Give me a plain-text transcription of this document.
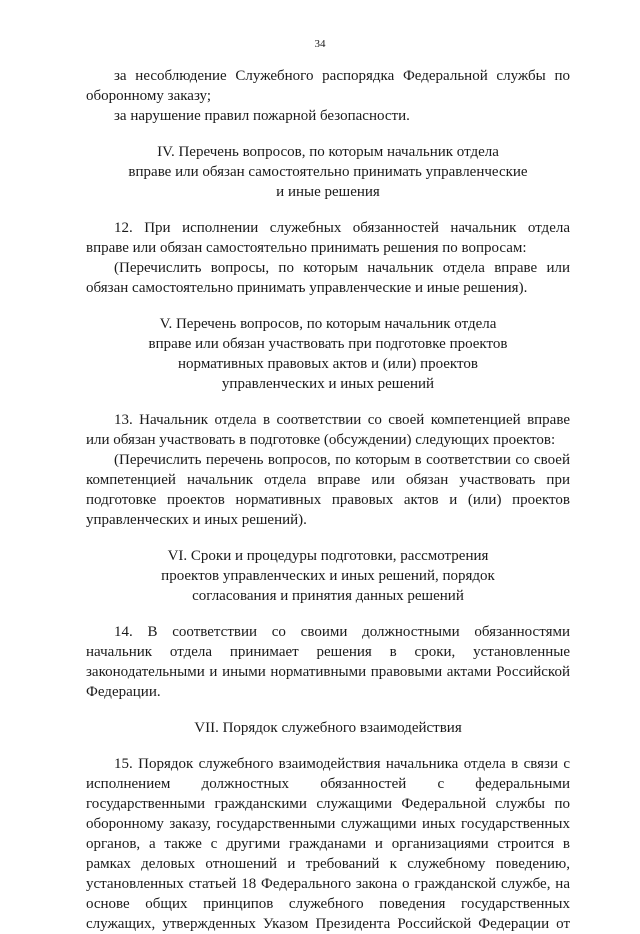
34

за несоблюдение Служебного распорядка Федеральной службы по

оборонному заказу;

за нарушение правил пожарной безопасности.

IV. Перечень вопросов, по которым начальник отдела

вправе или обязан самостоятельно принимать управленческие

и иные решения

12. При исполнении служебных обязанностей начальник отдела

вправе или обязан самостоятельно принимать решения по вопросам:

(Перечислить вопросы, по которым начальник отдела вправе или

обязан самостоятельно принимать управленческие и иные решения).

V. Перечень вопросов, по которым начальник отдела

вправе или обязан участвовать при подготовке проектов

нормативных правовых актов и (или) проектов

управленческих и иных решений

13. Начальник отдела в соответствии со своей компетенцией вправе

или обязан участвовать в подготовке (обсуждении) следующих проектов:

(Перечислить перечень вопросов, по которым в соответствии со своей

компетенцией начальник отдела вправе или обязан участвовать при

подготовке проектов нормативных правовых актов и (или) проектов

управленческих и иных решений).

VI. Сроки и процедуры подготовки, рассмотрения

проектов управленческих и иных решений, порядок

согласования и принятия данных решений

14. В соответствии со своими должностными обязанностями

начальник отдела принимает решения в сроки, установленные

законодательными и иными нормативными правовыми актами Российской

Федерации.

VII. Порядок служебного взаимодействия

15. Порядок служебного взаимодействия начальника отдела в связи с

исполнением должностных обязанностей с федеральными

государственными гражданскими служащими Федеральной службы по

оборонному заказу, государственными служащими иных государственных

органов, а также с другими гражданами и организациями строится в

рамках деловых отношений и требований к служебному поведению,

установленных статьей 18 Федерального закона о гражданской службе, на

основе общих принципов служебного поведения государственных

служащих, утвержденных Указом Президента Российской Федерации от
